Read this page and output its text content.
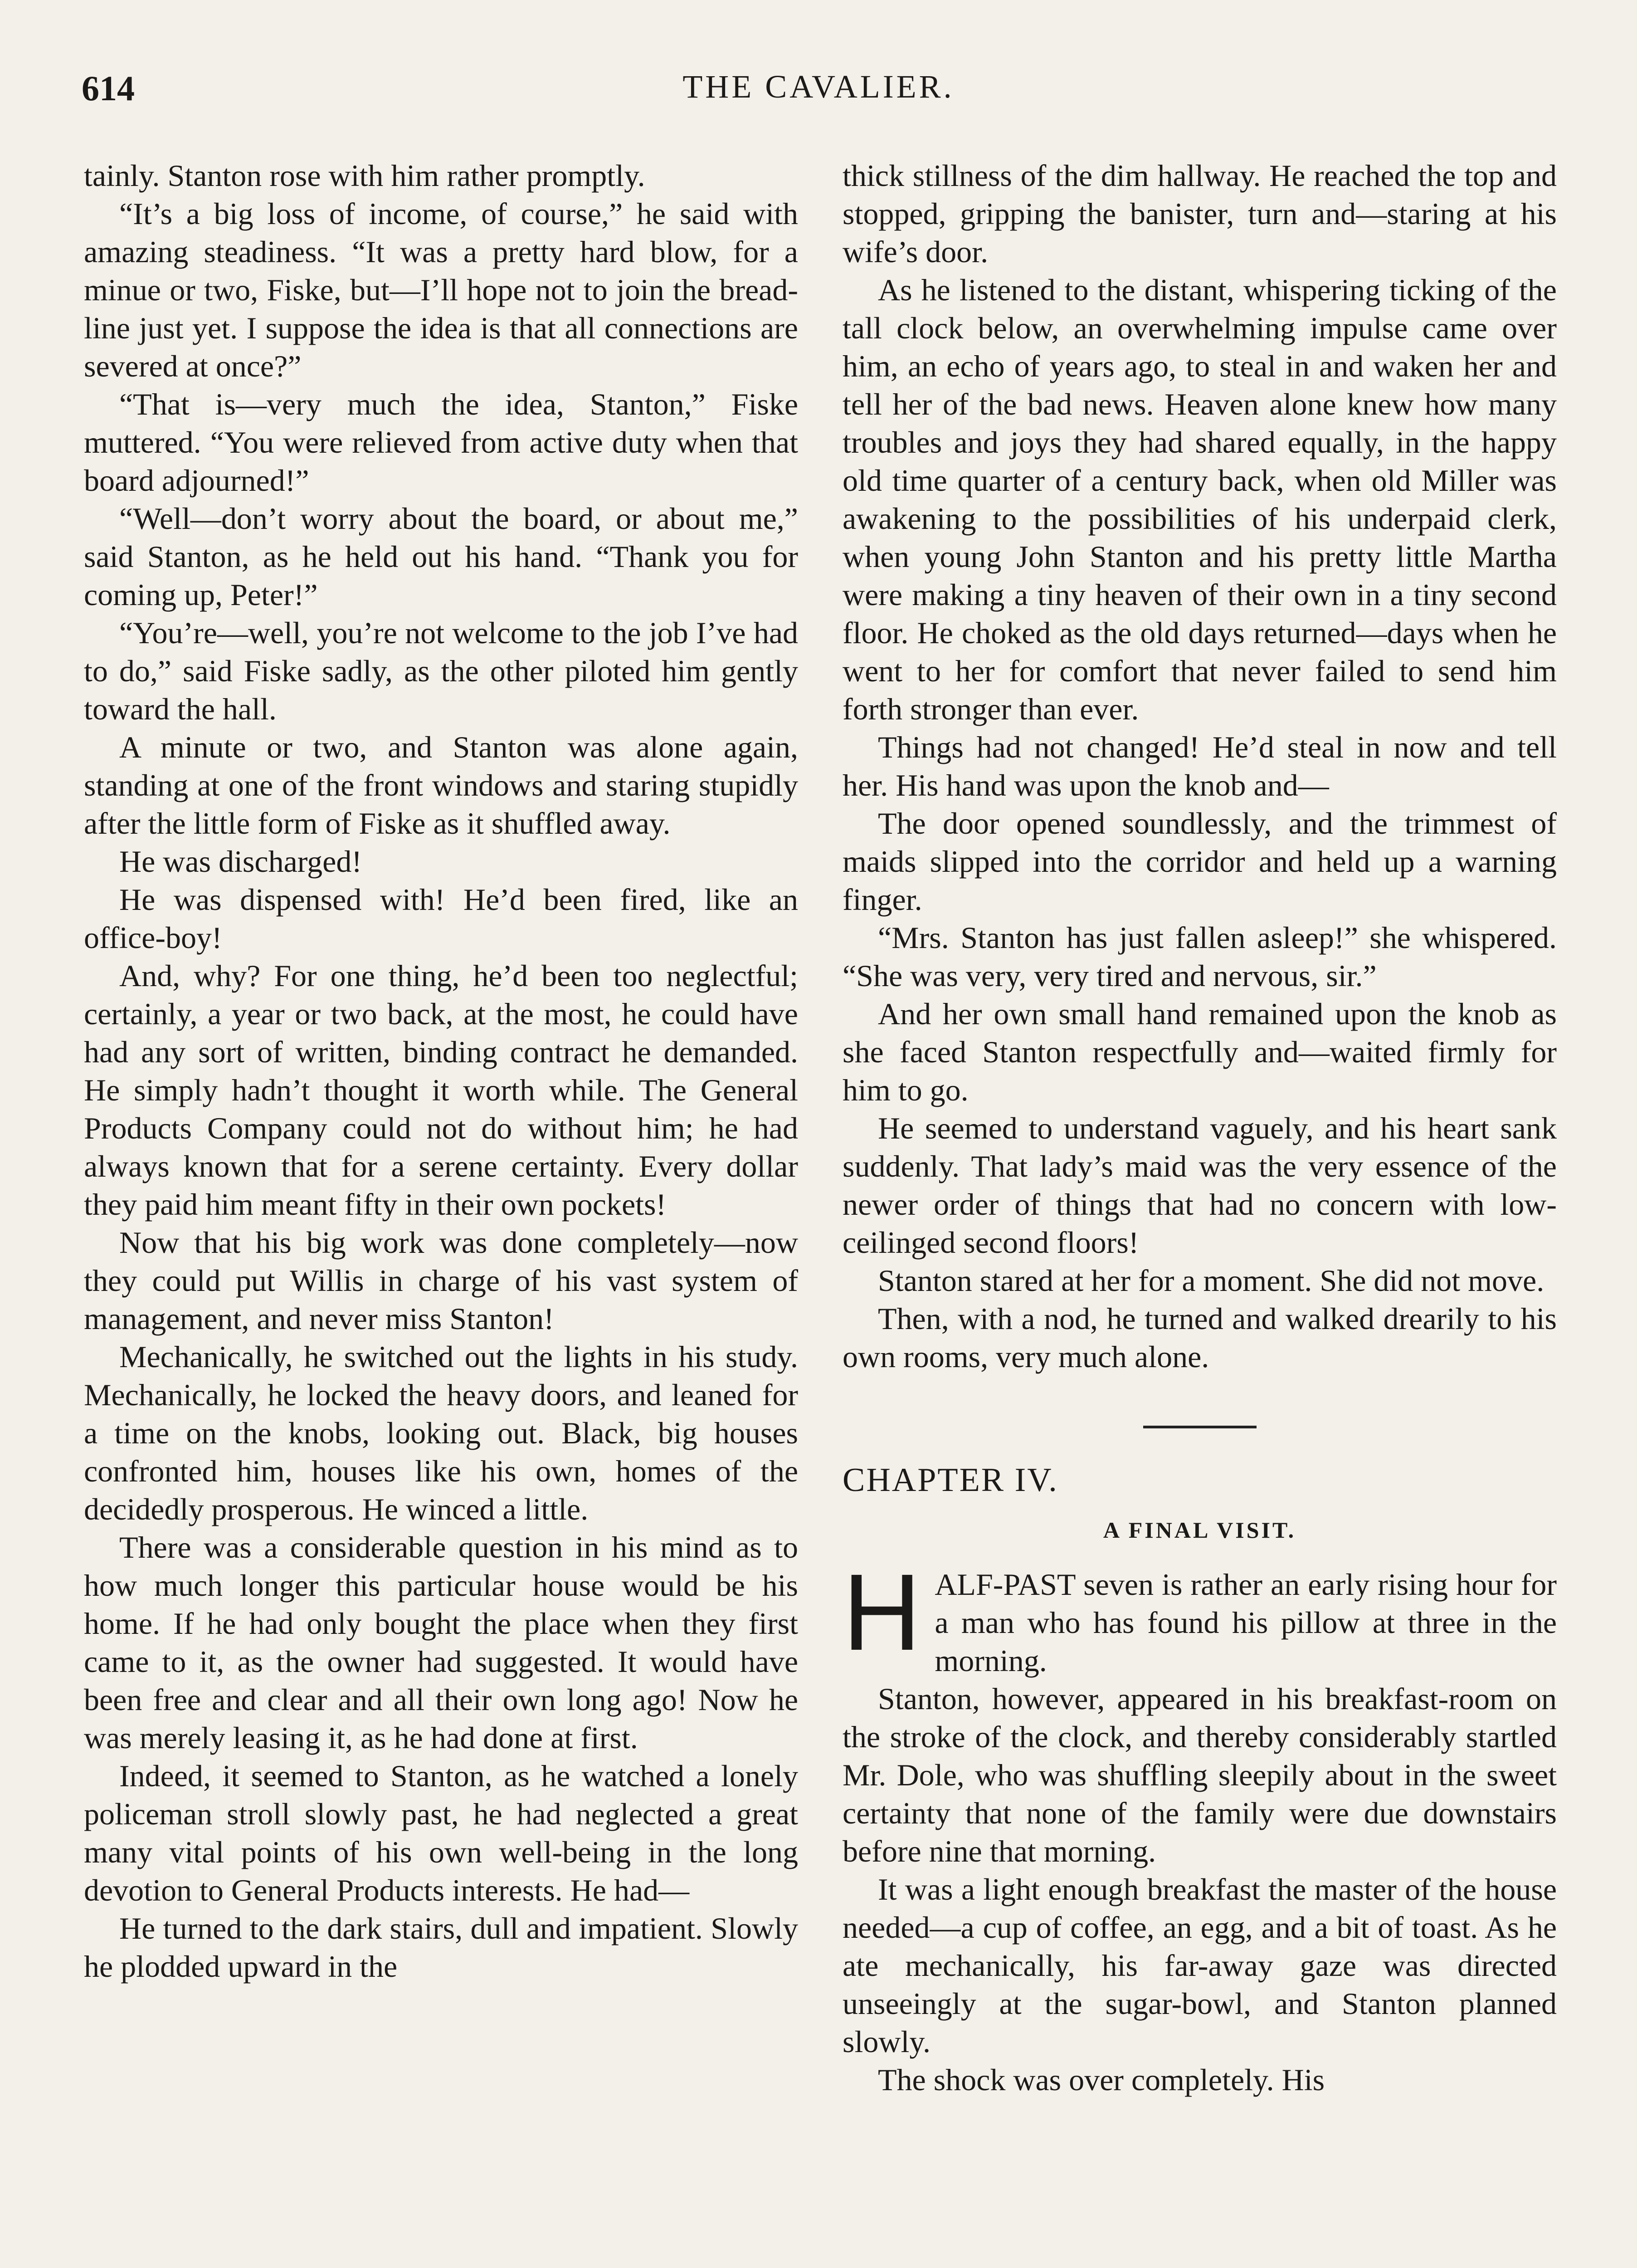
614	THE CAVALIER.

tainly. Stanton rose with him rather promptly.

“It’s a big loss of income, of course,” he said with amazing steadiness. “It was a pretty hard blow, for a minue or two, Fiske, but—I’ll hope not to join the bread-line just yet. I suppose the idea is that all connections are severed at once?”

“That is—very much the idea, Stanton,” Fiske muttered. “You were relieved from active duty when that board adjourned!”

“Well—don’t worry about the board, or about me,” said Stanton, as he held out his hand. “Thank you for coming up, Peter!”

“You’re—well, you’re not welcome to the job I’ve had to do,” said Fiske sadly, as the other piloted him gently toward the hall.

A minute or two, and Stanton was alone again, standing at one of the front windows and staring stupidly after the little form of Fiske as it shuffled away.

He was discharged!

He was dispensed with! He’d been fired, like an office-boy!

And, why? For one thing, he’d been too neglectful; certainly, a year or two back, at the most, he could have had any sort of written, binding contract he demanded. He simply hadn’t thought it worth while. The General Products Company could not do without him; he had always known that for a serene certainty. Every dollar they paid him meant fifty in their own pockets!

Now that his big work was done completely—now they could put Willis in charge of his vast system of management, and never miss Stanton!

Mechanically, he switched out the lights in his study. Mechanically, he locked the heavy doors, and leaned for a time on the knobs, looking out. Black, big houses confronted him, houses like his own, homes of the decidedly prosperous. He winced a little.

There was a considerable question in his mind as to how much longer this particular house would be his home. If he had only bought the place when they first came to it, as the owner had suggested. It would have been free and clear and all their own long ago! Now he was merely leasing it, as he had done at first.

Indeed, it seemed to Stanton, as he watched a lonely policeman stroll slowly past, he had neglected a great many vital points of his own well-being in the long devotion to General Products interests. He had—

He turned to the dark stairs, dull and impatient. Slowly he plodded upward in the

thick stillness of the dim hallway. He reached the top and stopped, gripping the banister, turn and—staring at his wife’s door.

As he listened to the distant, whispering ticking of the tall clock below, an overwhelming impulse came over him, an echo of years ago, to steal in and waken her and tell her of the bad news. Heaven alone knew how many troubles and joys they had shared equally, in the happy old time quarter of a century back, when old Miller was awakening to the possibilities of his underpaid clerk, when young John Stanton and his pretty little Martha were making a tiny heaven of their own in a tiny second floor. He choked as the old days returned—days when he went to her for comfort that never failed to send him forth stronger than ever.

Things had not changed! He’d steal in now and tell her. His hand was upon the knob and—

The door opened soundlessly, and the trimmest of maids slipped into the corridor and held up a warning finger.

“Mrs. Stanton has just fallen asleep!” she whispered. “She was very, very tired and nervous, sir.”

And her own small hand remained upon the knob as she faced Stanton respectfully and—waited firmly for him to go.

He seemed to understand vaguely, and his heart sank suddenly. That lady’s maid was the very essence of the newer order of things that had no concern with low-ceilinged second floors!

Stanton stared at her for a moment. She did not move.

Then, with a nod, he turned and walked drearily to his own rooms, very much alone.

CHAPTER IV.

A FINAL VISIT.

HALF-PAST seven is rather an early rising hour for a man who has found his pillow at three in the morning.

Stanton, however, appeared in his breakfast-room on the stroke of the clock, and thereby considerably startled Mr. Dole, who was shuffling sleepily about in the sweet certainty that none of the family were due downstairs before nine that morning.

It was a light enough breakfast the master of the house needed—a cup of coffee, an egg, and a bit of toast. As he ate mechanically, his far-away gaze was directed unseeingly at the sugar-bowl, and Stanton planned slowly.

The shock was over completely. His
